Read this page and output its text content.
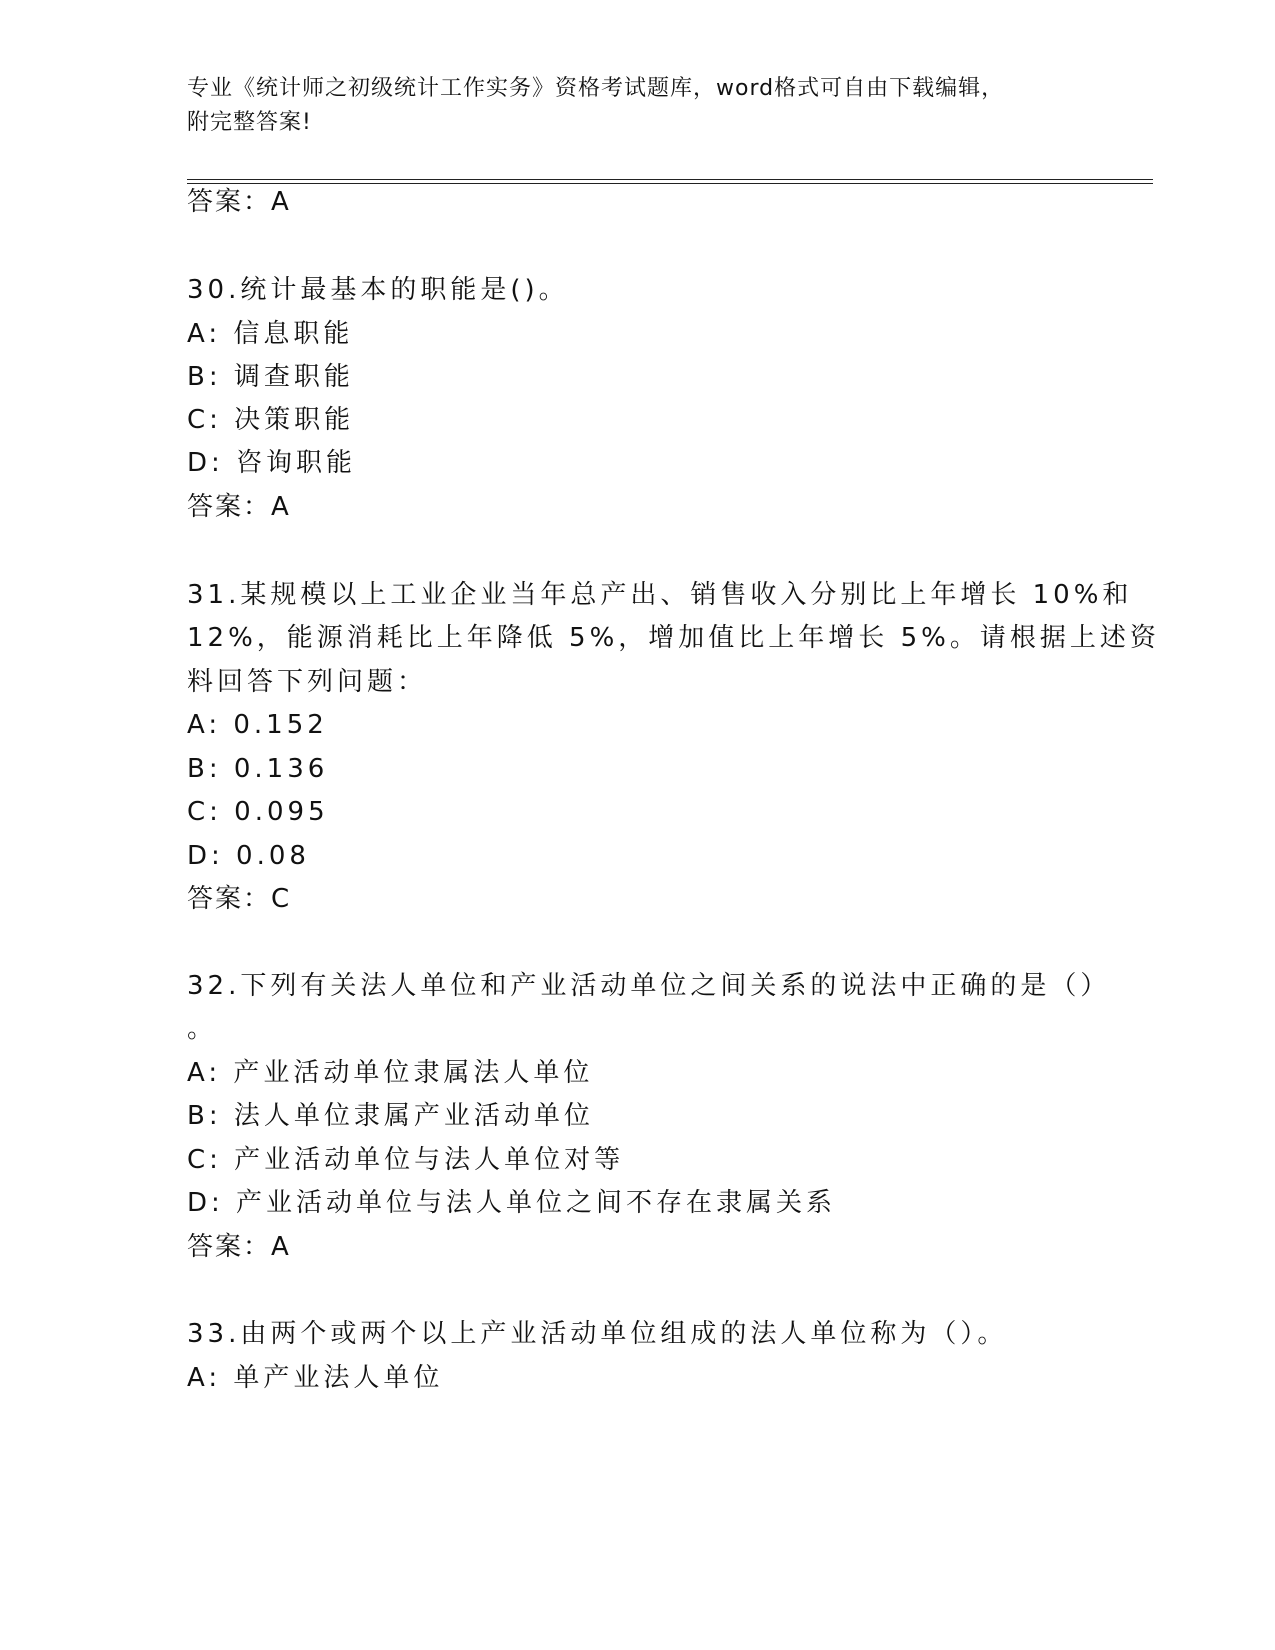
专业《统计师之初级统计工作实务》资格考试题库，word格式可自由下载编辑，
附完整答案!
答案：A
30.统计最基本的职能是()。
A: 信息职能
B: 调查职能
C: 决策职能
D: 咨询职能
答案：A
31.某规模以上工业企业当年总产出、销售收入分别比上年增长 10%和
12%，能源消耗比上年降低 5%，增加值比上年增长 5%。请根据上述资
料回答下列问题：
A: 0.152
B: 0.136
C: 0.095
D: 0.08
答案：C
32.下列有关法人单位和产业活动单位之间关系的说法中正确的是（）
。
A: 产业活动单位隶属法人单位
B: 法人单位隶属产业活动单位
C: 产业活动单位与法人单位对等
D: 产业活动单位与法人单位之间不存在隶属关系
答案：A
33.由两个或两个以上产业活动单位组成的法人单位称为（）。
A: 单产业法人单位
